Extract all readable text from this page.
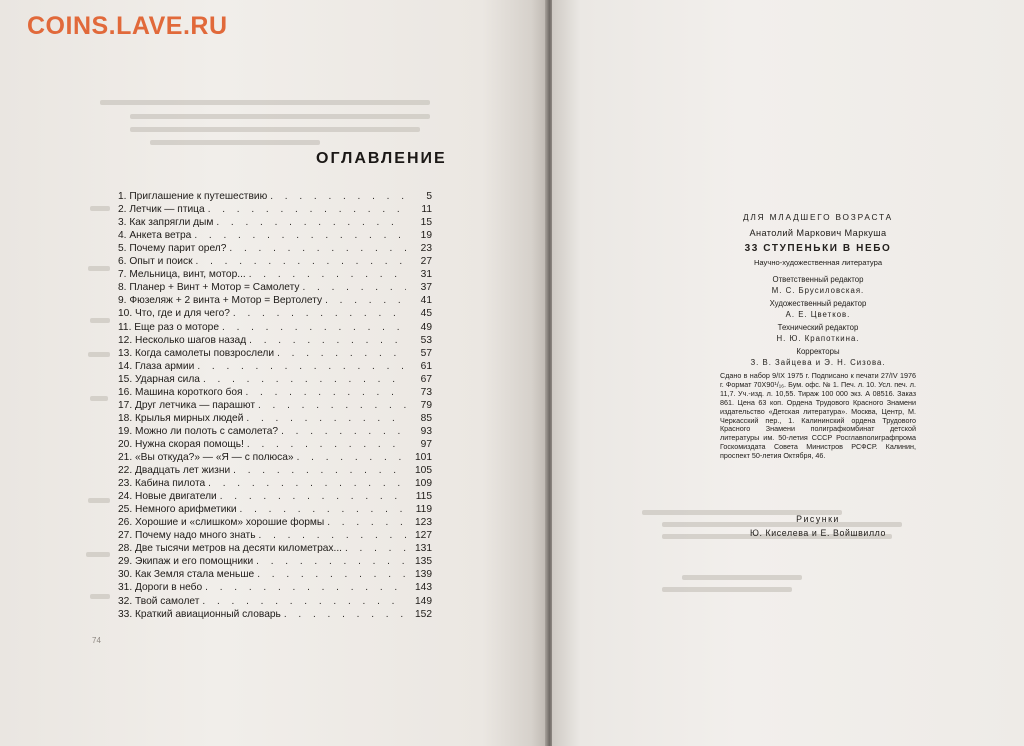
COINS.LAVE.RU
ОГЛАВЛЕНИЕ
1. Приглашение к путешествию . . .	5
2. Летчик — птица . . .	11
3. Как запрягли дым . . .	15
4. Анкета ветра . . .	19
5. Почему парит орел? . . .	23
6. Опыт и поиск . . .	27
7. Мельница, винт, мотор... . . .	31
8. Планер + Винт + Мотор = Самолету . . .	37
9. Фюзеляж + 2 винта + Мотор = Вертолету . . .	41
10. Что, где и для чего? . . .	45
11. Еще раз о моторе . . .	49
12. Несколько шагов назад . . .	53
13. Когда самолеты повзрослели . . .	57
14. Глаза армии . . .	61
15. Ударная сила . . .	67
16. Машина короткого боя . . .	73
17. Друг летчика — парашют . . .	79
18. Крылья мирных людей . . .	85
19. Можно ли полоть с самолета? . . .	93
20. Нужна скорая помощь! . . .	97
21. «Вы откуда?» — «Я — с полюса» . . .	101
22. Двадцать лет жизни . . .	105
23. Кабина пилота . . .	109
24. Новые двигатели . . .	115
25. Немного арифметики . . .	119
26. Хорошие и «слишком» хорошие формы . . .	123
27. Почему надо много знать . . .	127
28. Две тысячи метров на десяти километрах... . . .	131
29. Экипаж и его помощники . . .	135
30. Как Земля стала меньше . . .	139
31. Дороги в небо . . .	143
32. Твой самолет . . .	149
33. Краткий авиационный словарь . . .	152
74
ДЛЯ МЛАДШЕГО ВОЗРАСТА
Анатолий Маркович Маркуша
33 СТУПЕНЬКИ В НЕБО
Научно-художественная литература
Ответственный редактор
М. С. Брусиловская.
Художественный редактор
А. Е. Цветков.
Технический редактор
Н. Ю. Крапоткина.
Корректоры
З. В. Зайцева и Э. Н. Сизова.
Сдано в набор 9/IX 1975 г. Подписано к печати 27/IV 1976 г. Формат 70Х90¹/₁₆. Бум. офс. № 1. Печ. л. 10. Усл. печ. л. 11,7. Уч.-изд. л. 10,55. Тираж 100 000 экз. А 08516. Заказ 861. Цена 63 коп. Ордена Трудового Красного Знамени издательство «Детская литература». Москва, Центр, М. Черкасский пер., 1. Калининский ордена Трудового Красного Знамени полиграфкомбинат детской литературы им. 50-летия СССР Росглавполиграфпрома Госкомиздата Совета Министров РСФСР. Калинин, проспект 50-летия Октября, 46.
Рисунки
Ю. Киселева и Е. Войшвилло
